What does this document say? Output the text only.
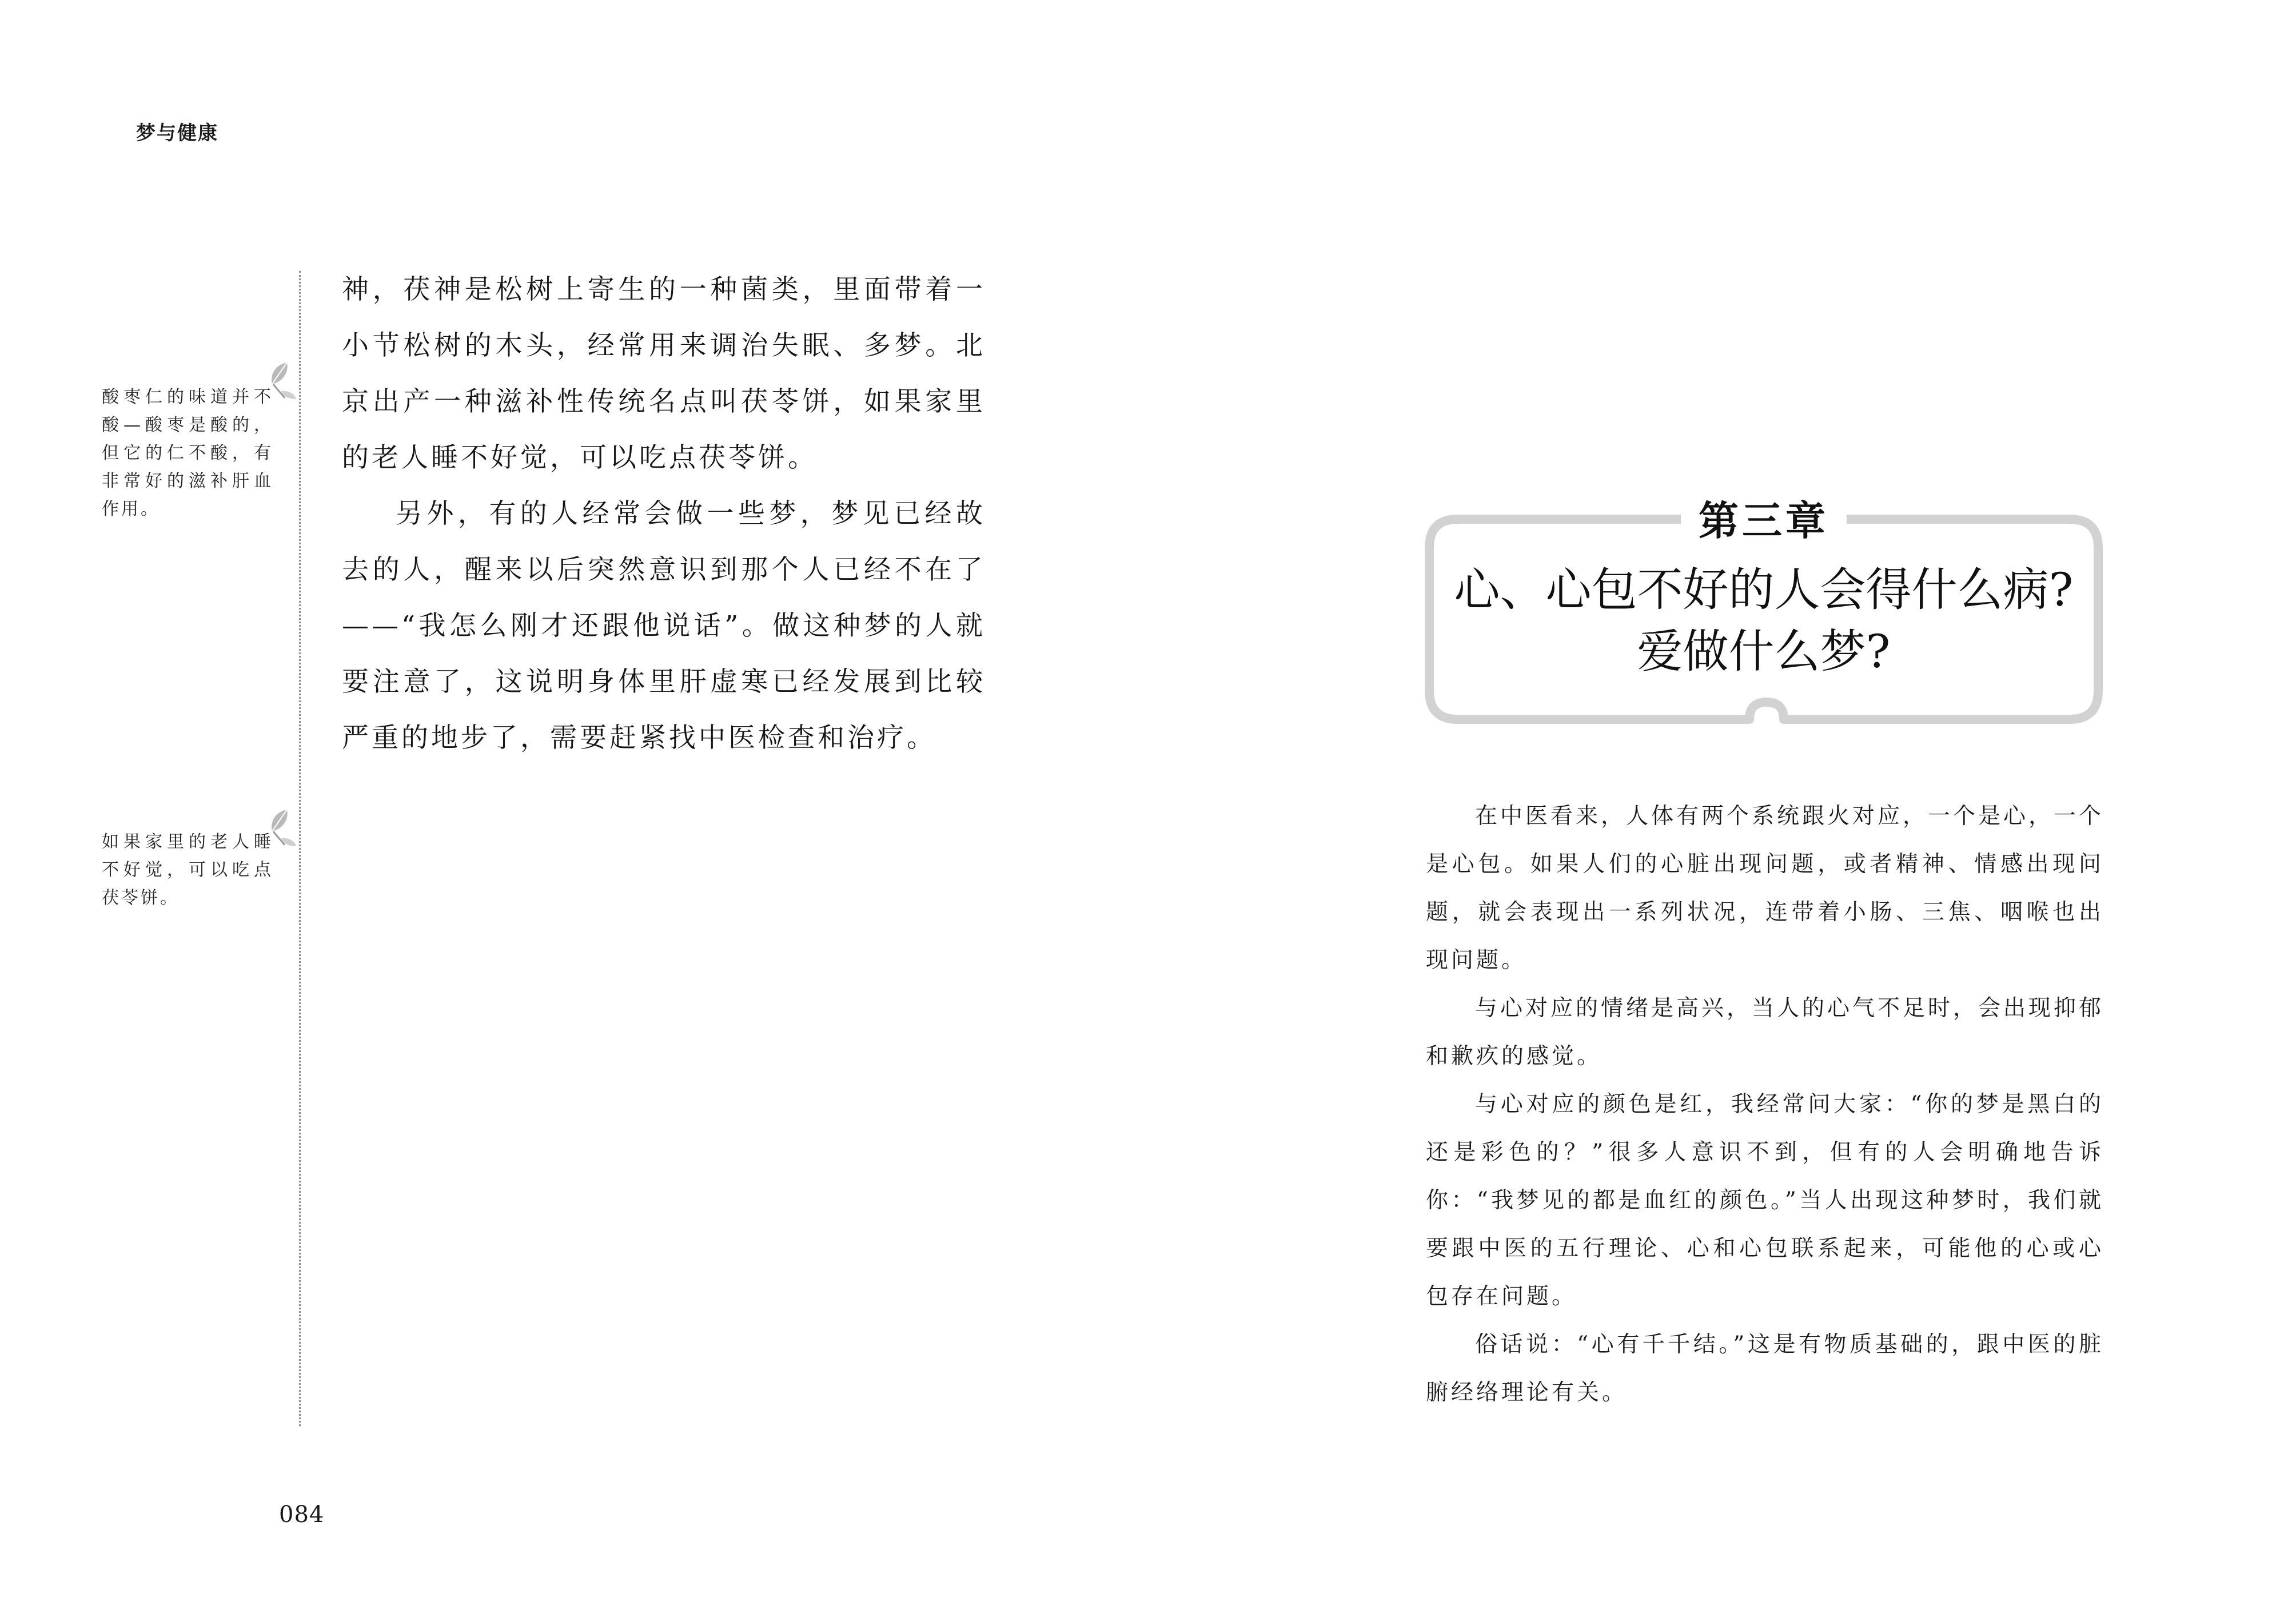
梦与健康
酸枣仁的味道并不酸—酸枣是酸的，但它的仁不酸，有非常好的滋补肝血作用。
如果家里的老人睡不好觉，可以吃点茯苓饼。

神，茯神是松树上寄生的一种菌类，里面带着一小节松树的木头，经常用来调治失眠、多梦。北京出产一种滋补性传统名点叫茯苓饼，如果家里的老人睡不好觉，可以吃点茯苓饼。

另外，有的人经常会做一些梦，梦见已经故去的人，醒来以后突然意识到那个人已经不在了——“我怎么刚才还跟他说话”。做这种梦的人就要注意了，这说明身体里肝虚寒已经发展到比较严重的地步了，需要赶紧找中医检查和治疗。

084
第三章
心、心包不好的人会得什么病?
爱做什么梦?

在中医看来，人体有两个系统跟火对应，一个是心，一个是心包。如果人们的心脏出现问题，或者精神、情感出现问题，就会表现出一系列状况，连带着小肠、三焦、咽喉也出现问题。

与心对应的情绪是高兴，当人的心气不足时，会出现抑郁和歉疚的感觉。

与心对应的颜色是红，我经常问大家：“你的梦是黑白的还是彩色的？”很多人意识不到，但有的人会明确地告诉你：“我梦见的都是血红的颜色。”当人出现这种梦时，我们就要跟中医的五行理论、心和心包联系起来，可能他的心或心包存在问题。

俗话说：“心有千千结。”这是有物质基础的，跟中医的脏腑经络理论有关。
